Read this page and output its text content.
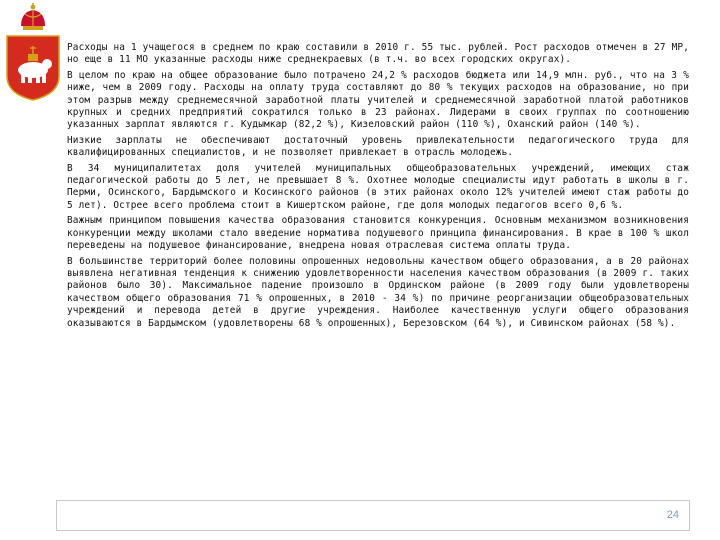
Расходы на 1 учащегося в среднем по краю составили в 2010 г. 55 тыс. рублей. Рост расходов отмечен в 27 МР, но еще в 11 МО указанные расходы ниже среднекраевых (в т.ч. во всех городских округах).

В целом по краю на общее образование было потрачено 24,2 % расходов бюджета или 14,9 млн. руб., что на 3 % ниже, чем в 2009 году. Расходы на оплату труда составляют до 80 % текущих расходов на образование, но при этом разрыв между среднемесячной заработной платы учителей и среднемесячной заработной платой работников крупных и средних предприятий сократился только в 23 районах. Лидерами в своих группах по соотношению указанных зарплат являются г. Кудымкар (82,2 %), Кизеловский район (110 %), Оханский район (140 %).

Низкие зарплаты не обеспечивают достаточный уровень привлекательности педагогического труда для квалифицированных специалистов, и не позволяет привлекает в отрасль молодежь.

В 34 муниципалитетах доля учителей муниципальных общеобразовательных учреждений, имеющих стаж педагогической работы до 5 лет, не превышает 8 %. Охотнее молодые специалисты идут работать в школы в г. Перми, Осинского, Бардымского и Косинского районов (в этих районах около 12% учителей имеют стаж работы до 5 лет). Острее всего проблема стоит в Кишертском районе, где доля молодых педагогов всего 0,6 %.

Важным принципом повышения качества образования становится конкуренция. Основным механизмом возникновения конкуренции между школами стало введение норматива подушевого принципа финансирования. В крае в 100 % школ переведены на подушевое финансирование, внедрена новая отраслевая система оплаты труда.

В большинстве территорий более половины опрошенных недовольны качеством общего образования, а в 20 районах выявлена негативная тенденция к снижению удовлетворенности населения качеством образования (в 2009 г. таких районов было 30). Максимальное падение произошло в Ординском районе (в 2009 году были удовлетворены качеством общего образования 71 % опрошенных, в 2010 - 34 %) по причине реорганизации общеобразовательных учреждений и перевода детей в другие учреждения. Наиболее качественную услуги общего образования оказываются в Бардымском (удовлетворены 68 % опрошенных), Березовском (64 %), и Сивинском районах (58 %).

24
